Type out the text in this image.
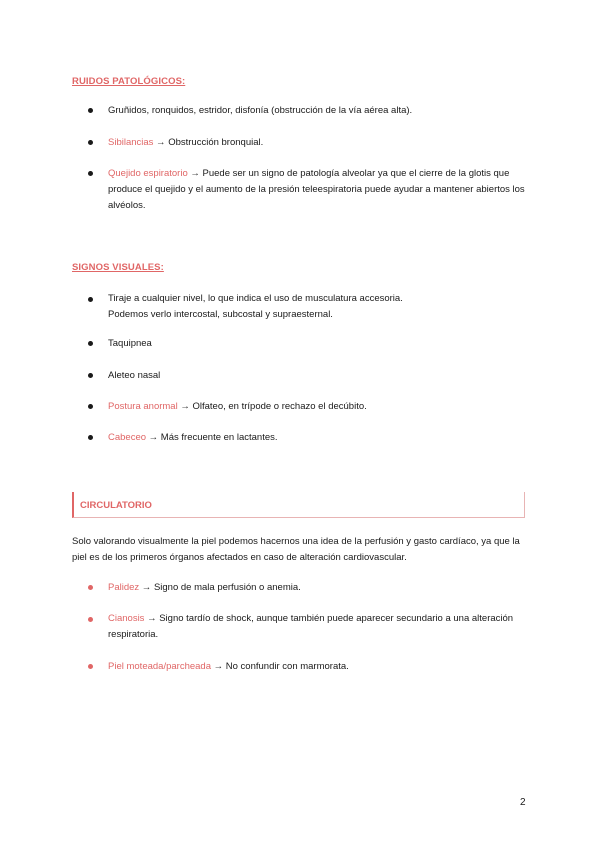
RUIDOS PATOLÓGICOS:
Gruñidos, ronquidos, estridor, disfonía (obstrucción de la vía aérea alta).
Sibilancias → Obstrucción bronquial.
Quejido espiratorio → Puede ser un signo de patología alveolar ya que el cierre de la glotis que produce el quejido y el aumento de la presión teleespiratoria puede ayudar a mantener abiertos los alvéolos.
SIGNOS VISUALES:
Tiraje a cualquier nivel, lo que indica el uso de musculatura accesoria.
Podemos verlo intercostal, subcostal y supraesternal.
Taquipnea
Aleteo nasal
Postura anormal → Olfateo, en trípode o rechazo el decúbito.
Cabeceo → Más frecuente en lactantes.
CIRCULATORIO
Solo valorando visualmente la piel podemos hacernos una idea de la perfusión y gasto cardíaco, ya que la piel es de los primeros órganos afectados en caso de alteración cardiovascular.
Palidez → Signo de mala perfusión o anemia.
Cianosis → Signo tardío de shock, aunque también puede aparecer secundario a una alteración respiratoria.
Piel moteada/parcheada → No confundir con marmorata.
2
